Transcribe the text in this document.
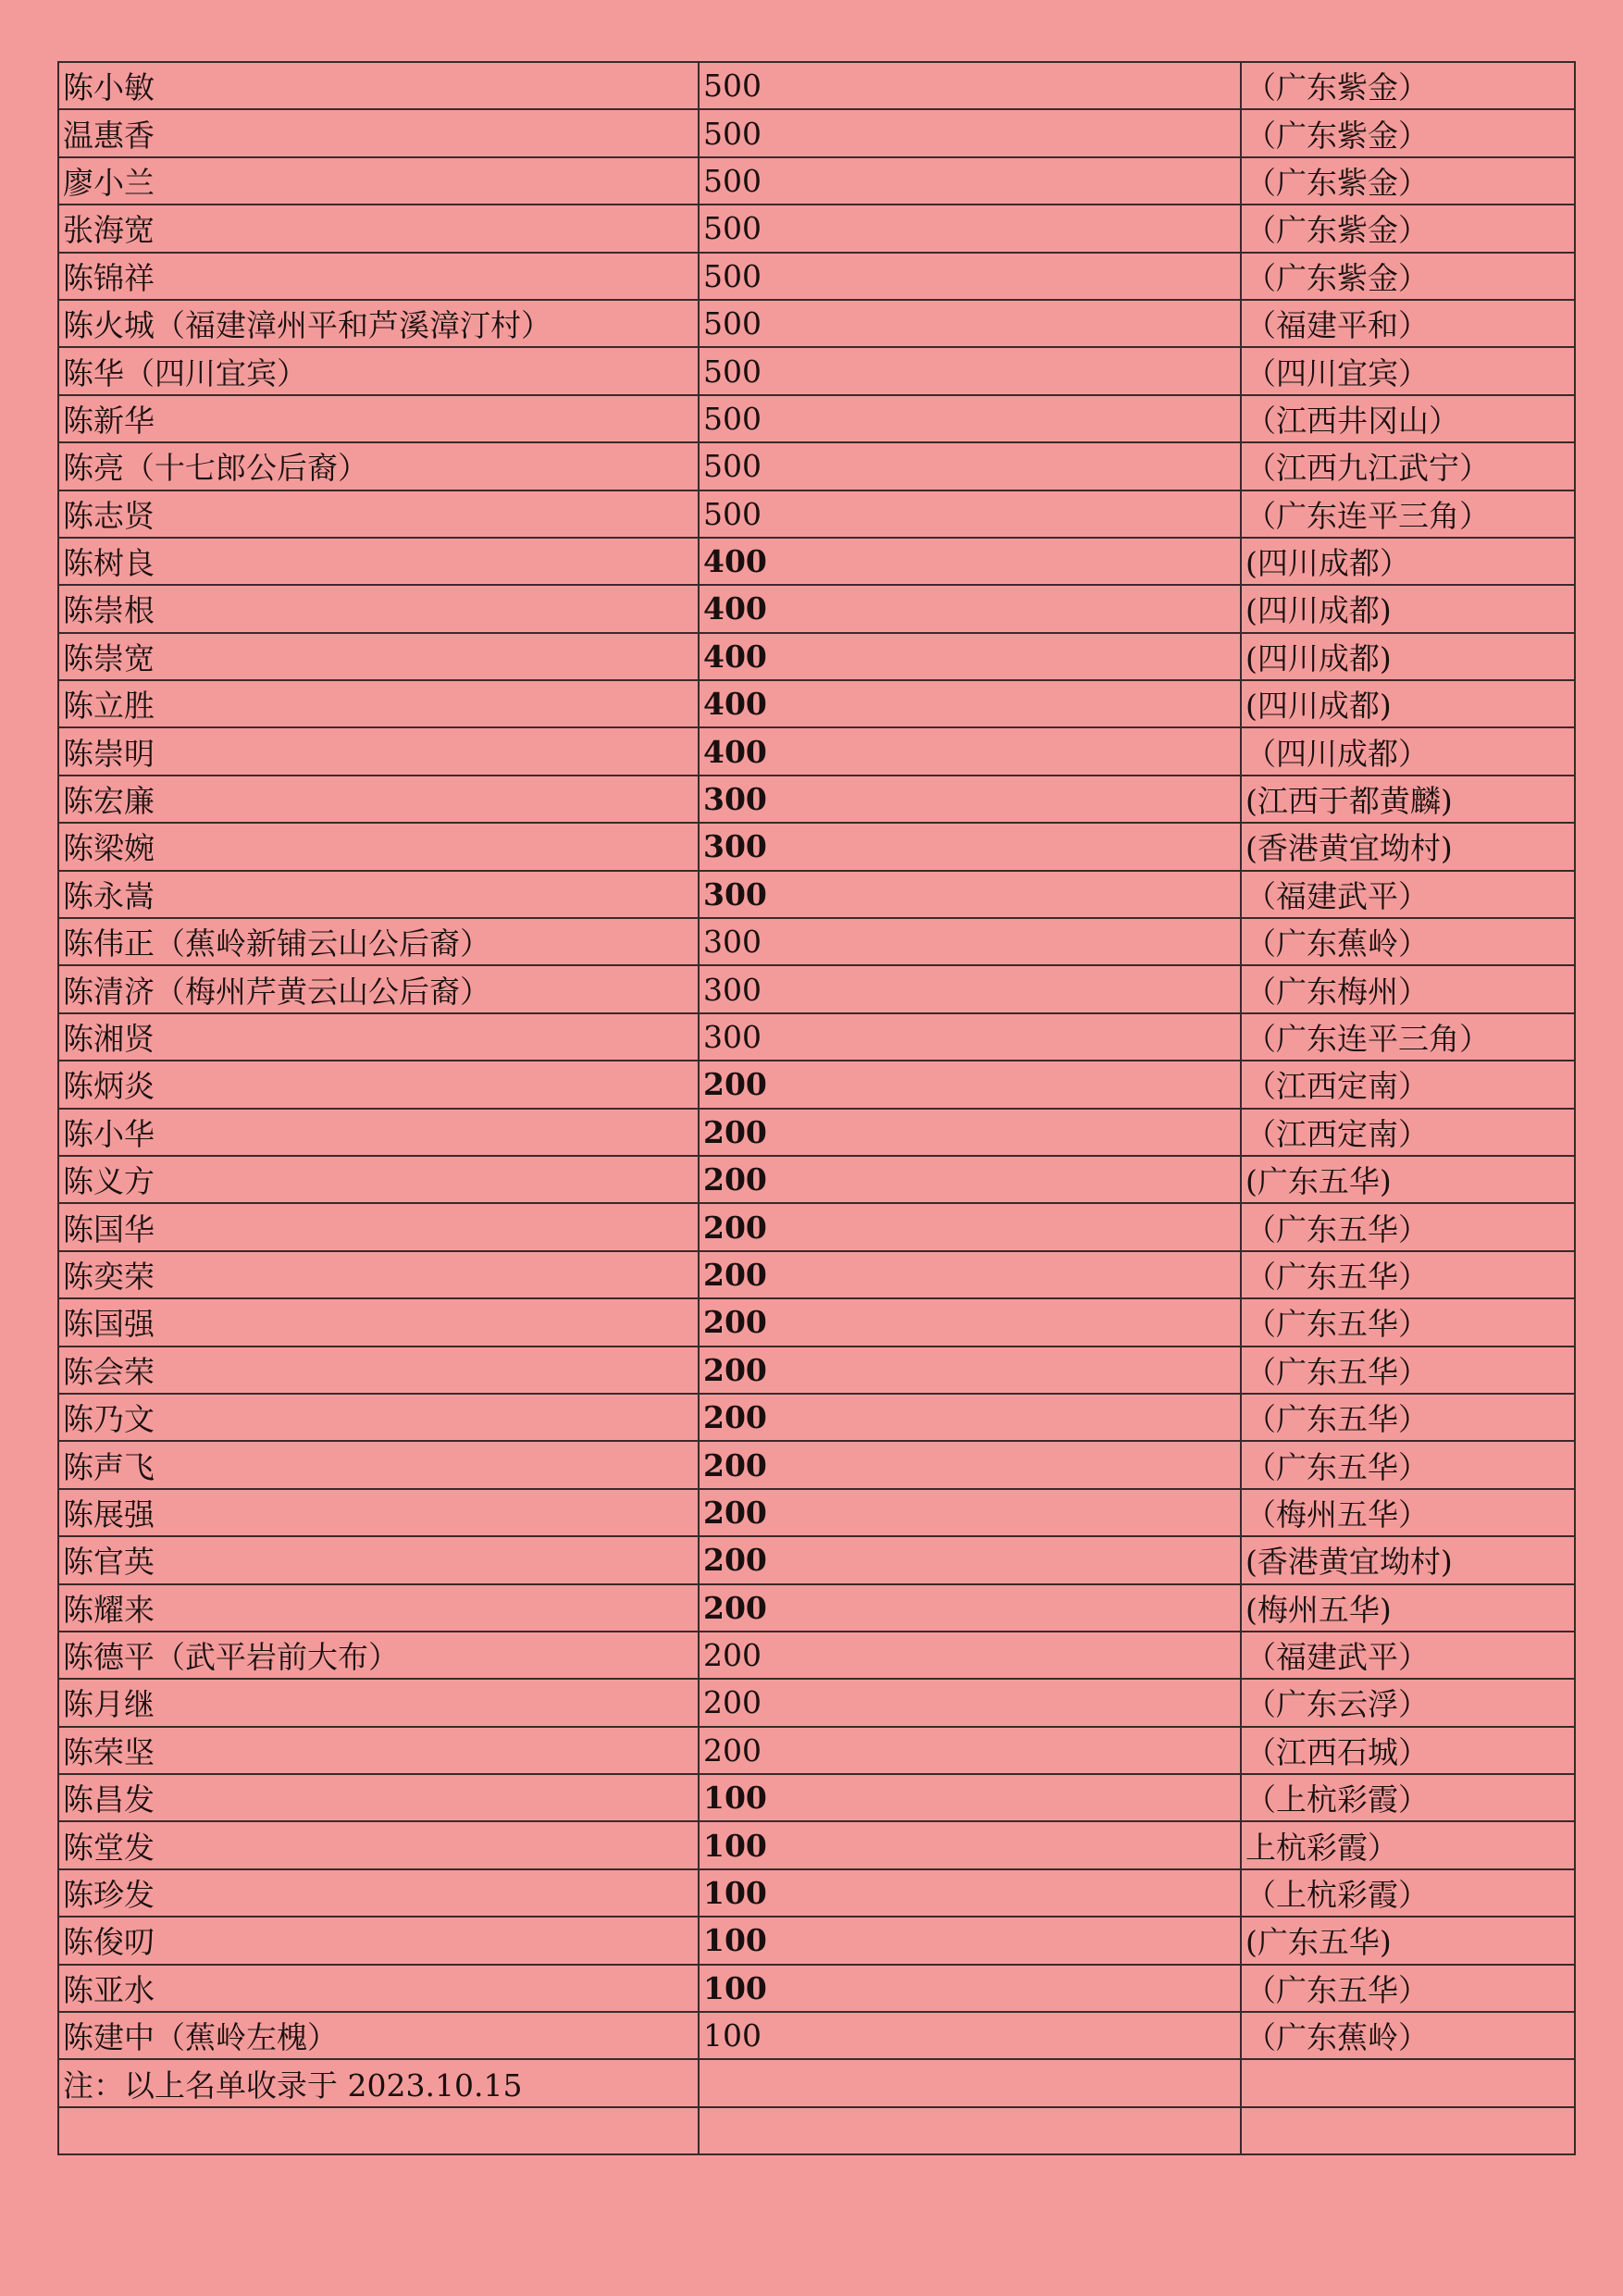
陈小敏	500	（广东紫金）
温惠香	500	（广东紫金）
廖小兰	500	（广东紫金）
张海宽	500	（广东紫金）
陈锦祥	500	（广东紫金）
陈火城（福建漳州平和芦溪漳汀村）	500	（福建平和）
陈华（四川宜宾）	500	（四川宜宾）
陈新华	500	（江西井冈山）
陈亮（十七郎公后裔）	500	（江西九江武宁）
陈志贤	500	（广东连平三角）
陈树良	400	(四川成都）
陈崇根	400	(四川成都)
陈崇宽	400	(四川成都)
陈立胜	400	(四川成都)
陈崇明	400	（四川成都）
陈宏廉	300	(江西于都黄麟)
陈梁婉	300	(香港黄宜坳村)
陈永嵩	300	（福建武平）
陈伟正（蕉岭新铺云山公后裔）	300	（广东蕉岭）
陈清济（梅州芹黄云山公后裔）	300	（广东梅州）
陈湘贤	300	（广东连平三角）
陈炳炎	200	（江西定南）
陈小华	200	（江西定南）
陈义方	200	(广东五华)
陈国华	200	（广东五华）
陈奕荣	200	（广东五华）
陈国强	200	（广东五华）
陈会荣	200	（广东五华）
陈乃文	200	（广东五华）
陈声飞	200	（广东五华）
陈展强	200	（梅州五华）
陈官英	200	(香港黄宜坳村)
陈耀来	200	(梅州五华)
陈德平（武平岩前大布）	200	（福建武平）
陈月继	200	（广东云浮）
陈荣坚	200	（江西石城）
陈昌发	100	（上杭彩霞）
陈堂发	100	上杭彩霞）
陈珍发	100	（上杭彩霞）
陈俊叨	100	(广东五华)
陈亚水	100	（广东五华）
陈建中（蕉岭左槐）	100	（广东蕉岭）
注：以上名单收录于 2023.10.15		
